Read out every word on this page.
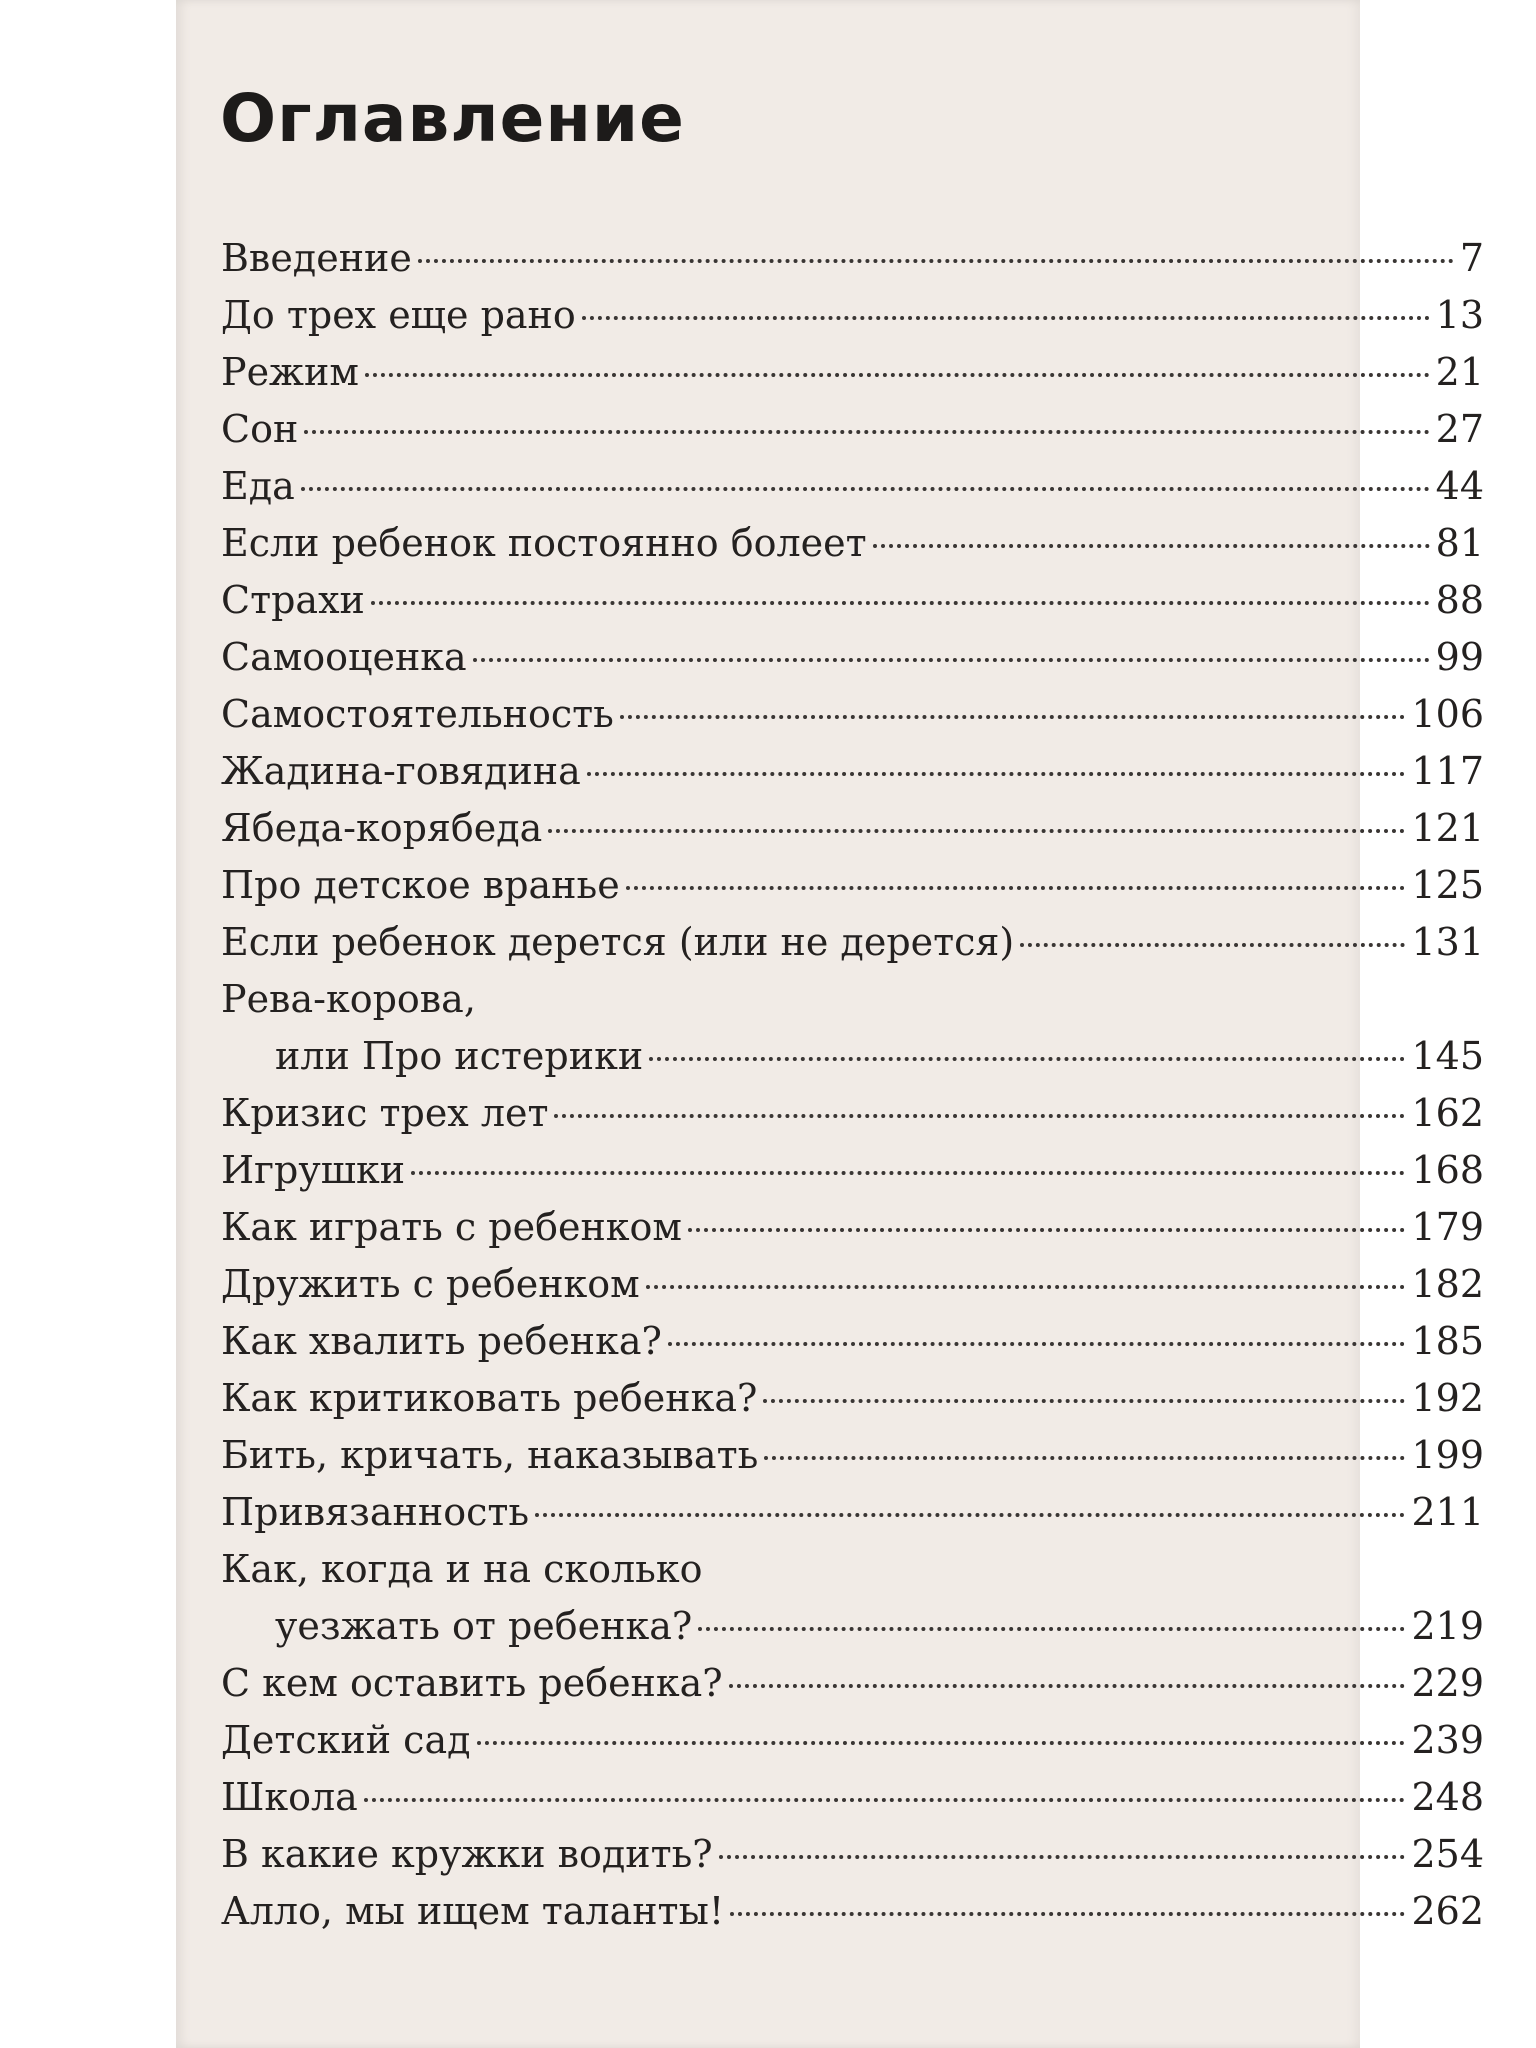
Оглавление
Введение	7
До трех еще рано	13
Режим	21
Сон	27
Еда	44
Если ребенок постоянно болеет	81
Страхи	88
Самооценка	99
Самостоятельность	106
Жадина-говядина	117
Ябеда-корябеда	121
Про детское вранье	125
Если ребенок дерется (или не дерется)	131
Рева-корова,
или Про истерики	145
Кризис трех лет	162
Игрушки	168
Как играть с ребенком	179
Дружить с ребенком	182
Как хвалить ребенка?	185
Как критиковать ребенка?	192
Бить, кричать, наказывать	199
Привязанность	211
Как, когда и на сколько
уезжать от ребенка?	219
С кем оставить ребенка?	229
Детский сад	239
Школа	248
В какие кружки водить?	254
Алло, мы ищем таланты!	262
